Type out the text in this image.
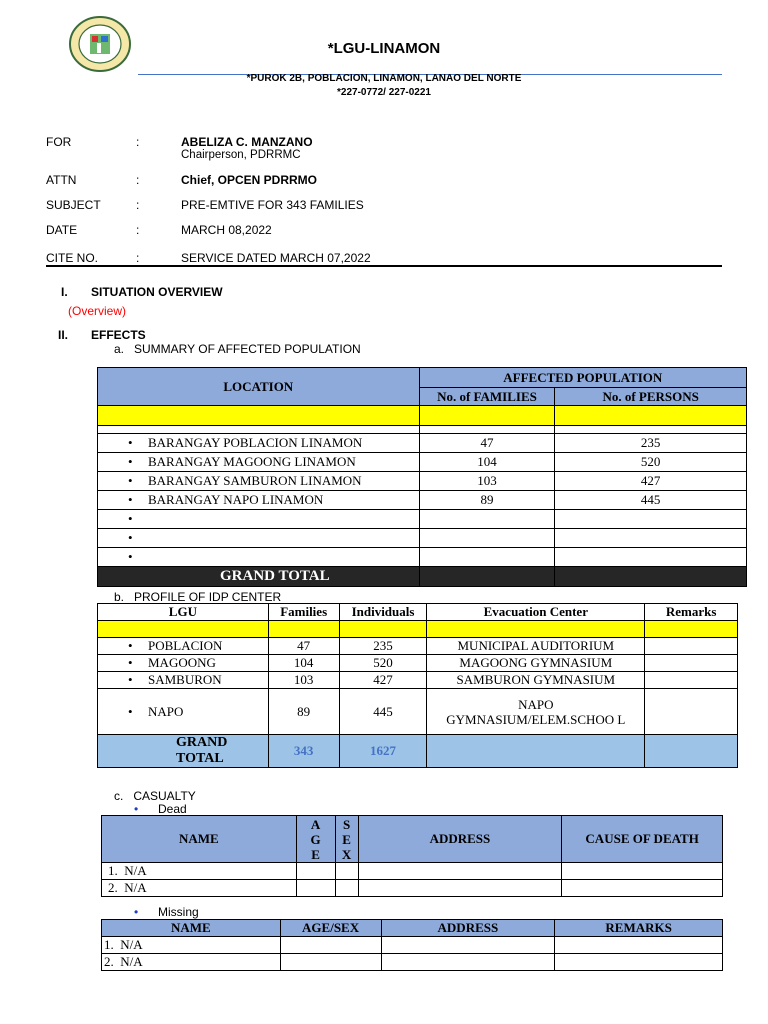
*LGU-LINAMON
*PUROK 2B, POBLACION, LINAMON, LANAO DEL NORTE
*227-0772/ 227-0221
FOR	:	ABELIZA C. MANZANO
Chairperson, PDRRMC
ATTN	:	Chief, OPCEN PDRRMO
SUBJECT	:	PRE-EMTIVE FOR 343 FAMILIES
DATE	:	MARCH 08,2022
CITE NO.	:	SERVICE DATED MARCH 07,2022
I. SITUATION OVERVIEW
(Overview)
II. EFFECTS
a.   SUMMARY OF AFFECTED POPULATION
LOCATION	AFFECTED POPULATION	
	No. of FAMILIES	No. of PERSONS

• BARANGAY POBLACION LINAMON	47	235
• BARANGAY MAGOONG LINAMON	104	520
• BARANGAY SAMBURON LINAMON	103	427
• BARANGAY NAPO LINAMON	89	445
•		
•		
•		
GRAND TOTAL		
b.   PROFILE OF IDP CENTER
LGU	Families	Individuals	Evacuation Center	Remarks

• POBLACION	47	235	MUNICIPAL AUDITORIUM	
• MAGOONG	104	520	MAGOONG GYMNASIUM	
• SAMBURON	103	427	SAMBURON GYMNASIUM	
• NAPO	89	445	NAPO GYMNASIUM/ELEM.SCHOO L	

GRAND
TOTAL	343	1627		
c.   CASUALTY
• Dead
NAME	A G E	S E X	ADDRESS	CAUSE OF DEATH
1.  N/A				
2.  N/A				
• Missing
NAME	AGE/SEX	ADDRESS	REMARKS
1.  N/A			
2.  N/A			
